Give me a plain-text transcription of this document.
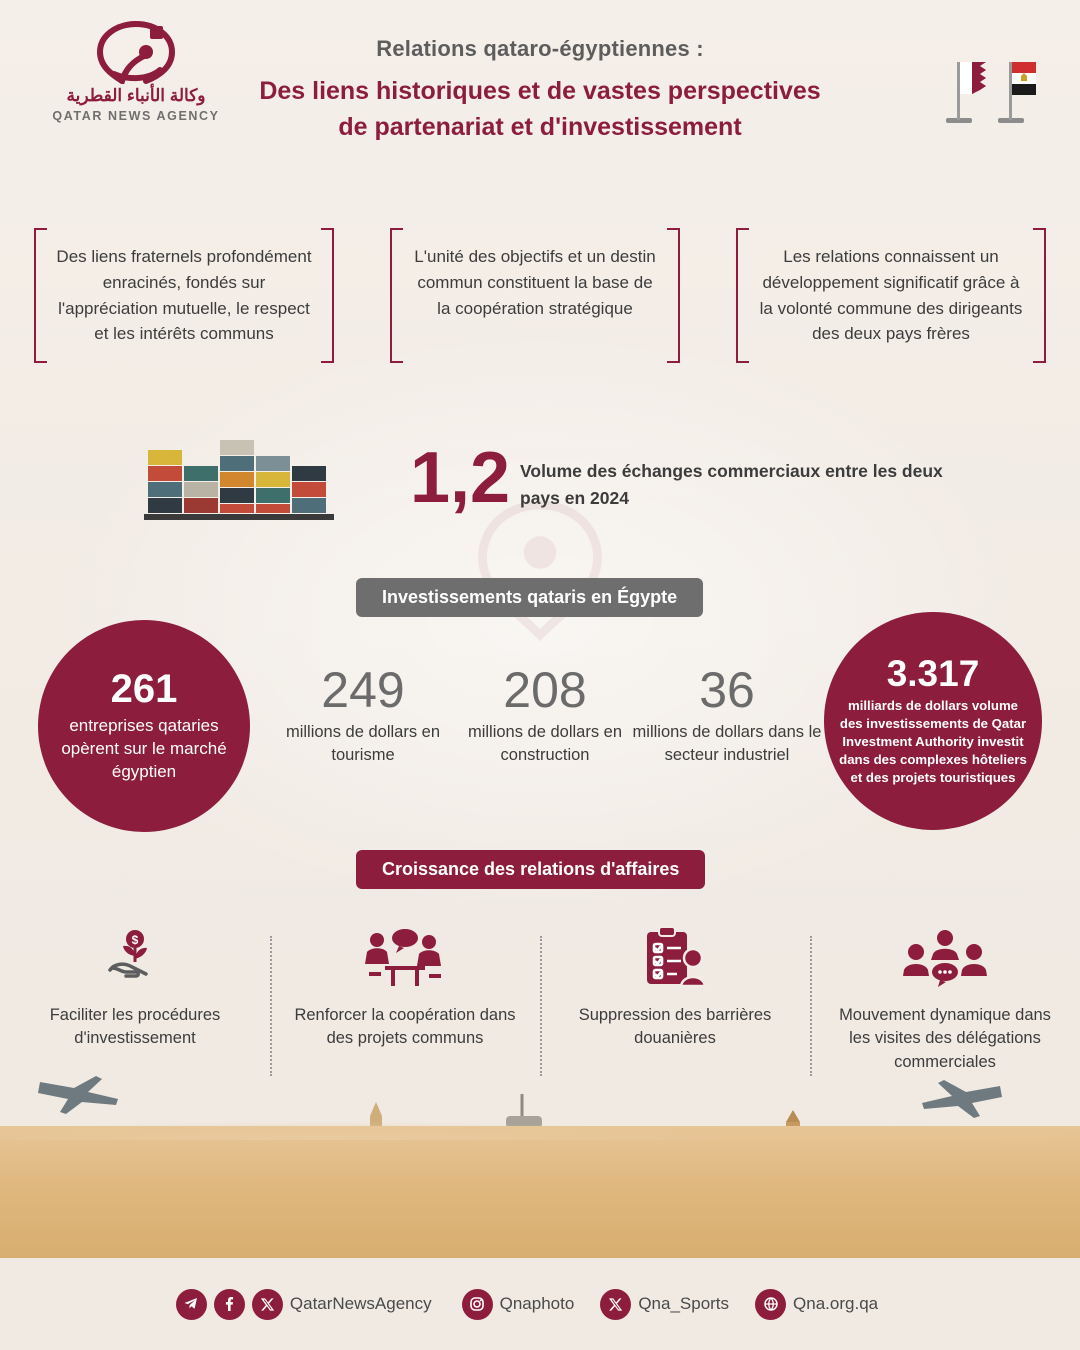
وكالة الأنباء القطرية
QATAR NEWS AGENCY
Relations qataro-égyptiennes :
Des liens historiques et de vastes perspectives de partenariat et d'investissement
Des liens fraternels profondément enracinés, fondés sur l'appréciation mutuelle, le respect et les intérêts communs
L'unité des objectifs et un destin commun constituent la base de la coopération stratégique
Les relations connaissent un développement significatif grâce à la volonté commune des dirigeants des deux pays frères
1,2 Volume des échanges commerciaux entre les deux pays en 2024
Investissements qataris en Égypte
261
entreprises qataries opèrent sur le marché égyptien
249
millions de dollars en tourisme
208
millions de dollars en construction
36
millions de dollars dans le secteur industriel
3.317
milliards de dollars volume des investissements de Qatar Investment Authority investit dans des complexes hôteliers et des projets touristiques
Croissance des relations d'affaires
$
Faciliter les procédures d'investissement
Renforcer la coopération dans des projets communs
Suppression des barrières douanières
Mouvement dynamique dans les visites des délégations commerciales
QatarNewsAgency	Qnaphoto	Qna_Sports	Qna.org.qa
